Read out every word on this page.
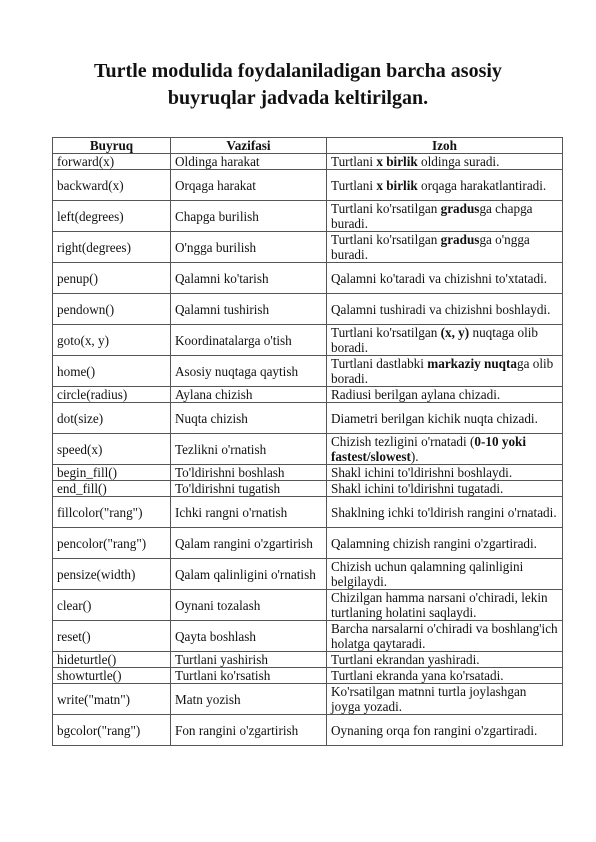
Turtle modulida foydalaniladigan barcha asosiy
buyruqlar jadvada keltirilgan.
Buyruq	Vazifasi	Izoh
forward(x)	Oldinga harakat	Turtlani x birlik oldinga suradi.
backward(x)	Orqaga harakat	Turtlani x birlik orqaga harakatlantiradi.
left(degrees)	Chapga burilish	Turtlani ko'rsatilgan gradusga chapga buradi.
right(degrees)	O'ngga burilish	Turtlani ko'rsatilgan gradusga o'ngga buradi.
penup()	Qalamni ko'tarish	Qalamni ko'taradi va chizishni to'xtatadi.
pendown()	Qalamni tushirish	Qalamni tushiradi va chizishni boshlaydi.
goto(x, y)	Koordinatalarga o'tish	Turtlani ko'rsatilgan (x, y) nuqtaga olib boradi.
home()	Asosiy nuqtaga qaytish	Turtlani dastlabki markaziy nuqtaga olib boradi.
circle(radius)	Aylana chizish	Radiusi berilgan aylana chizadi.
dot(size)	Nuqta chizish	Diametri berilgan kichik nuqta chizadi.
speed(x)	Tezlikni o'rnatish	Chizish tezligini o'rnatadi (0-10 yoki fastest/slowest).
begin_fill()	To'ldirishni boshlash	Shakl ichini to'ldirishni boshlaydi.
end_fill()	To'ldirishni tugatish	Shakl ichini to'ldirishni tugatadi.
fillcolor("rang")	Ichki rangni o'rnatish	Shaklning ichki to'ldirish rangini o'rnatadi.
pencolor("rang")	Qalam rangini o'zgartirish	Qalamning chizish rangini o'zgartiradi.
pensize(width)	Qalam qalinligini o'rnatish	Chizish uchun qalamning qalinligini belgilaydi.
clear()	Oynani tozalash	Chizilgan hamma narsani o'chiradi, lekin turtlaning holatini saqlaydi.
reset()	Qayta boshlash	Barcha narsalarni o'chiradi va boshlang'ich holatga qaytaradi.
hideturtle()	Turtlani yashirish	Turtlani ekrandan yashiradi.
showturtle()	Turtlani ko'rsatish	Turtlani ekranda yana ko'rsatadi.
write("matn")	Matn yozish	Ko'rsatilgan matnni turtla joylashgan joyga yozadi.
bgcolor("rang")	Fon rangini o'zgartirish	Oynaning orqa fon rangini o'zgartiradi.
